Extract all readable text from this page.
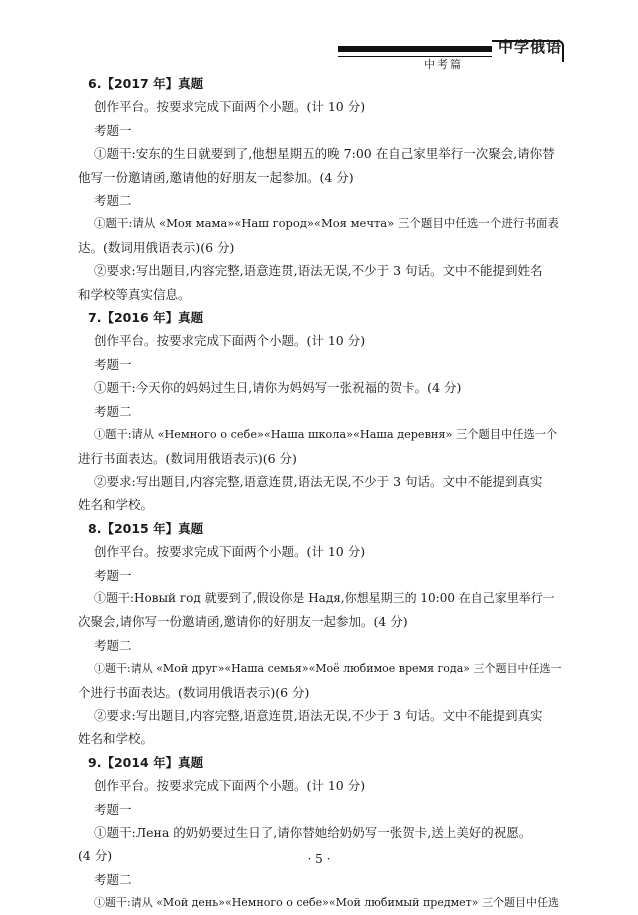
中学俄语
中考篇
6.【2017 年】真题
创作平台。按要求完成下面两个小题。(计 10 分)
考题一
①题干:安东的生日就要到了,他想星期五的晚 7:00 在自己家里举行一次聚会,请你替
他写一份邀请函,邀请他的好朋友一起参加。(4 分)
考题二
①题干:请从 «Моя мама»«Наш город»«Моя мечта» 三个题目中任选一个进行书面表
达。(数词用俄语表示)(6 分)
②要求:写出题目,内容完整,语意连贯,语法无误,不少于 3 句话。文中不能提到姓名
和学校等真实信息。
7.【2016 年】真题
创作平台。按要求完成下面两个小题。(计 10 分)
考题一
①题干:今天你的妈妈过生日,请你为妈妈写一张祝福的贺卡。(4 分)
考题二
①题干:请从 «Немного о себе»«Наша школа»«Наша деревня» 三个题目中任选一个
进行书面表达。(数词用俄语表示)(6 分)
②要求:写出题目,内容完整,语意连贯,语法无误,不少于 3 句话。文中不能提到真实
姓名和学校。
8.【2015 年】真题
创作平台。按要求完成下面两个小题。(计 10 分)
考题一
①题干:Новый год 就要到了,假设你是 Надя,你想星期三的 10:00 在自己家里举行一
次聚会,请你写一份邀请函,邀请你的好朋友一起参加。(4 分)
考题二
①题干:请从 «Мой друг»«Наша семья»«Моё любимое время года» 三个题目中任选一
个进行书面表达。(数词用俄语表示)(6 分)
②要求:写出题目,内容完整,语意连贯,语法无误,不少于 3 句话。文中不能提到真实
姓名和学校。
9.【2014 年】真题
创作平台。按要求完成下面两个小题。(计 10 分)
考题一
①题干:Лена 的奶奶要过生日了,请你替她给奶奶写一张贺卡,送上美好的祝愿。
(4 分)
考题二
①题干:请从 «Мой день»«Немного о себе»«Мой любимый предмет» 三个题目中任选
· 5 ·
